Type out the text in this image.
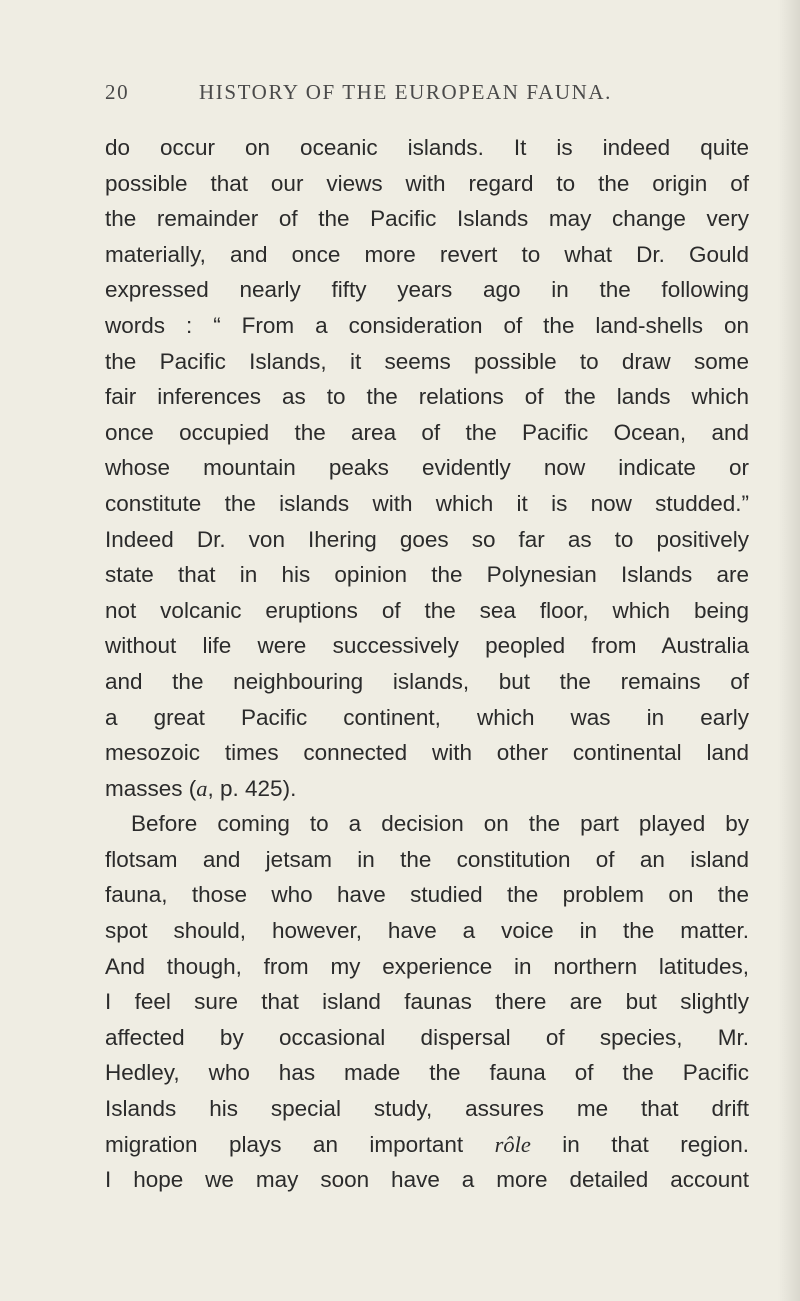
20	HISTORY OF THE EUROPEAN FAUNA.
do occur on oceanic islands. It is indeed quite
possible that our views with regard to the origin of
the remainder of the Pacific Islands may change very
materially, and once more revert to what Dr. Gould
expressed nearly fifty years ago in the following
words : “ From a consideration of the land-shells on
the Pacific Islands, it seems possible to draw some
fair inferences as to the relations of the lands which
once occupied the area of the Pacific Ocean, and
whose mountain peaks evidently now indicate or
constitute the islands with which it is now studded.”
Indeed Dr. von Ihering goes so far as to positively
state that in his opinion the Polynesian Islands are
not volcanic eruptions of the sea floor, which being
without life were successively peopled from Australia
and the neighbouring islands, but the remains of
a great Pacific continent, which was in early
mesozoic times connected with other continental land
masses (a, p. 425).
Before coming to a decision on the part played by
flotsam and jetsam in the constitution of an island
fauna, those who have studied the problem on the
spot should, however, have a voice in the matter.
And though, from my experience in northern latitudes,
I feel sure that island faunas there are but slightly
affected by occasional dispersal of species, Mr.
Hedley, who has made the fauna of the Pacific
Islands his special study, assures me that drift
migration plays an important rôle in that region.
I hope we may soon have a more detailed account
